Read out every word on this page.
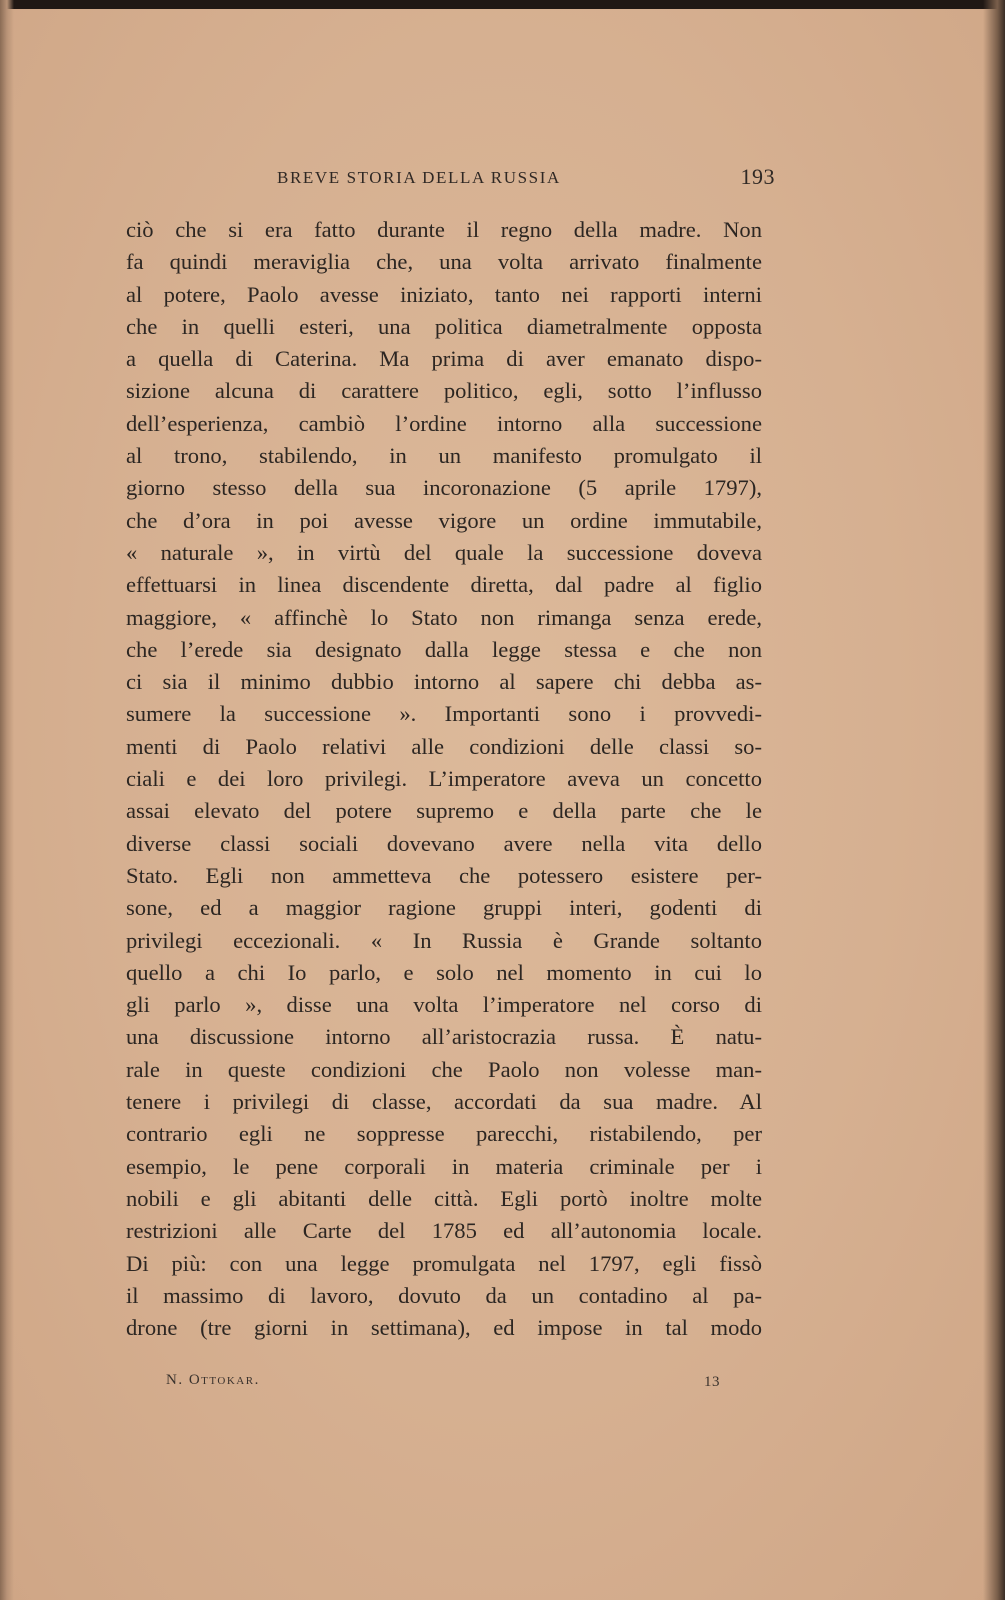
BREVE STORIA DELLA RUSSIA	193
ciò che si era fatto durante il regno della madre. Non
fa quindi meraviglia che, una volta arrivato finalmente
al potere, Paolo avesse iniziato, tanto nei rapporti interni
che in quelli esteri, una politica diametralmente opposta
a quella di Caterina. Ma prima di aver emanato dispo-
sizione alcuna di carattere politico, egli, sotto l’influsso
dell’esperienza, cambiò l’ordine intorno alla successione
al trono, stabilendo, in un manifesto promulgato il
giorno stesso della sua incoronazione (5 aprile 1797),
che d’ora in poi avesse vigore un ordine immutabile,
« naturale », in virtù del quale la successione doveva
effettuarsi in linea discendente diretta, dal padre al figlio
maggiore, « affinchè lo Stato non rimanga senza erede,
che l’erede sia designato dalla legge stessa e che non
ci sia il minimo dubbio intorno al sapere chi debba as-
sumere la successione ». Importanti sono i provvedi-
menti di Paolo relativi alle condizioni delle classi so-
ciali e dei loro privilegi. L’imperatore aveva un concetto
assai elevato del potere supremo e della parte che le
diverse classi sociali dovevano avere nella vita dello
Stato. Egli non ammetteva che potessero esistere per-
sone, ed a maggior ragione gruppi interi, godenti di
privilegi eccezionali. « In Russia è Grande soltanto
quello a chi Io parlo, e solo nel momento in cui lo
gli parlo », disse una volta l’imperatore nel corso di
una discussione intorno all’aristocrazia russa. È natu-
rale in queste condizioni che Paolo non volesse man-
tenere i privilegi di classe, accordati da sua madre. Al
contrario egli ne soppresse parecchi, ristabilendo, per
esempio, le pene corporali in materia criminale per i
nobili e gli abitanti delle città. Egli portò inoltre molte
restrizioni alle Carte del 1785 ed all’autonomia locale.
Di più: con una legge promulgata nel 1797, egli fissò
il massimo di lavoro, dovuto da un contadino al pa-
drone (tre giorni in settimana), ed impose in tal modo
N. Ottokar.	13
